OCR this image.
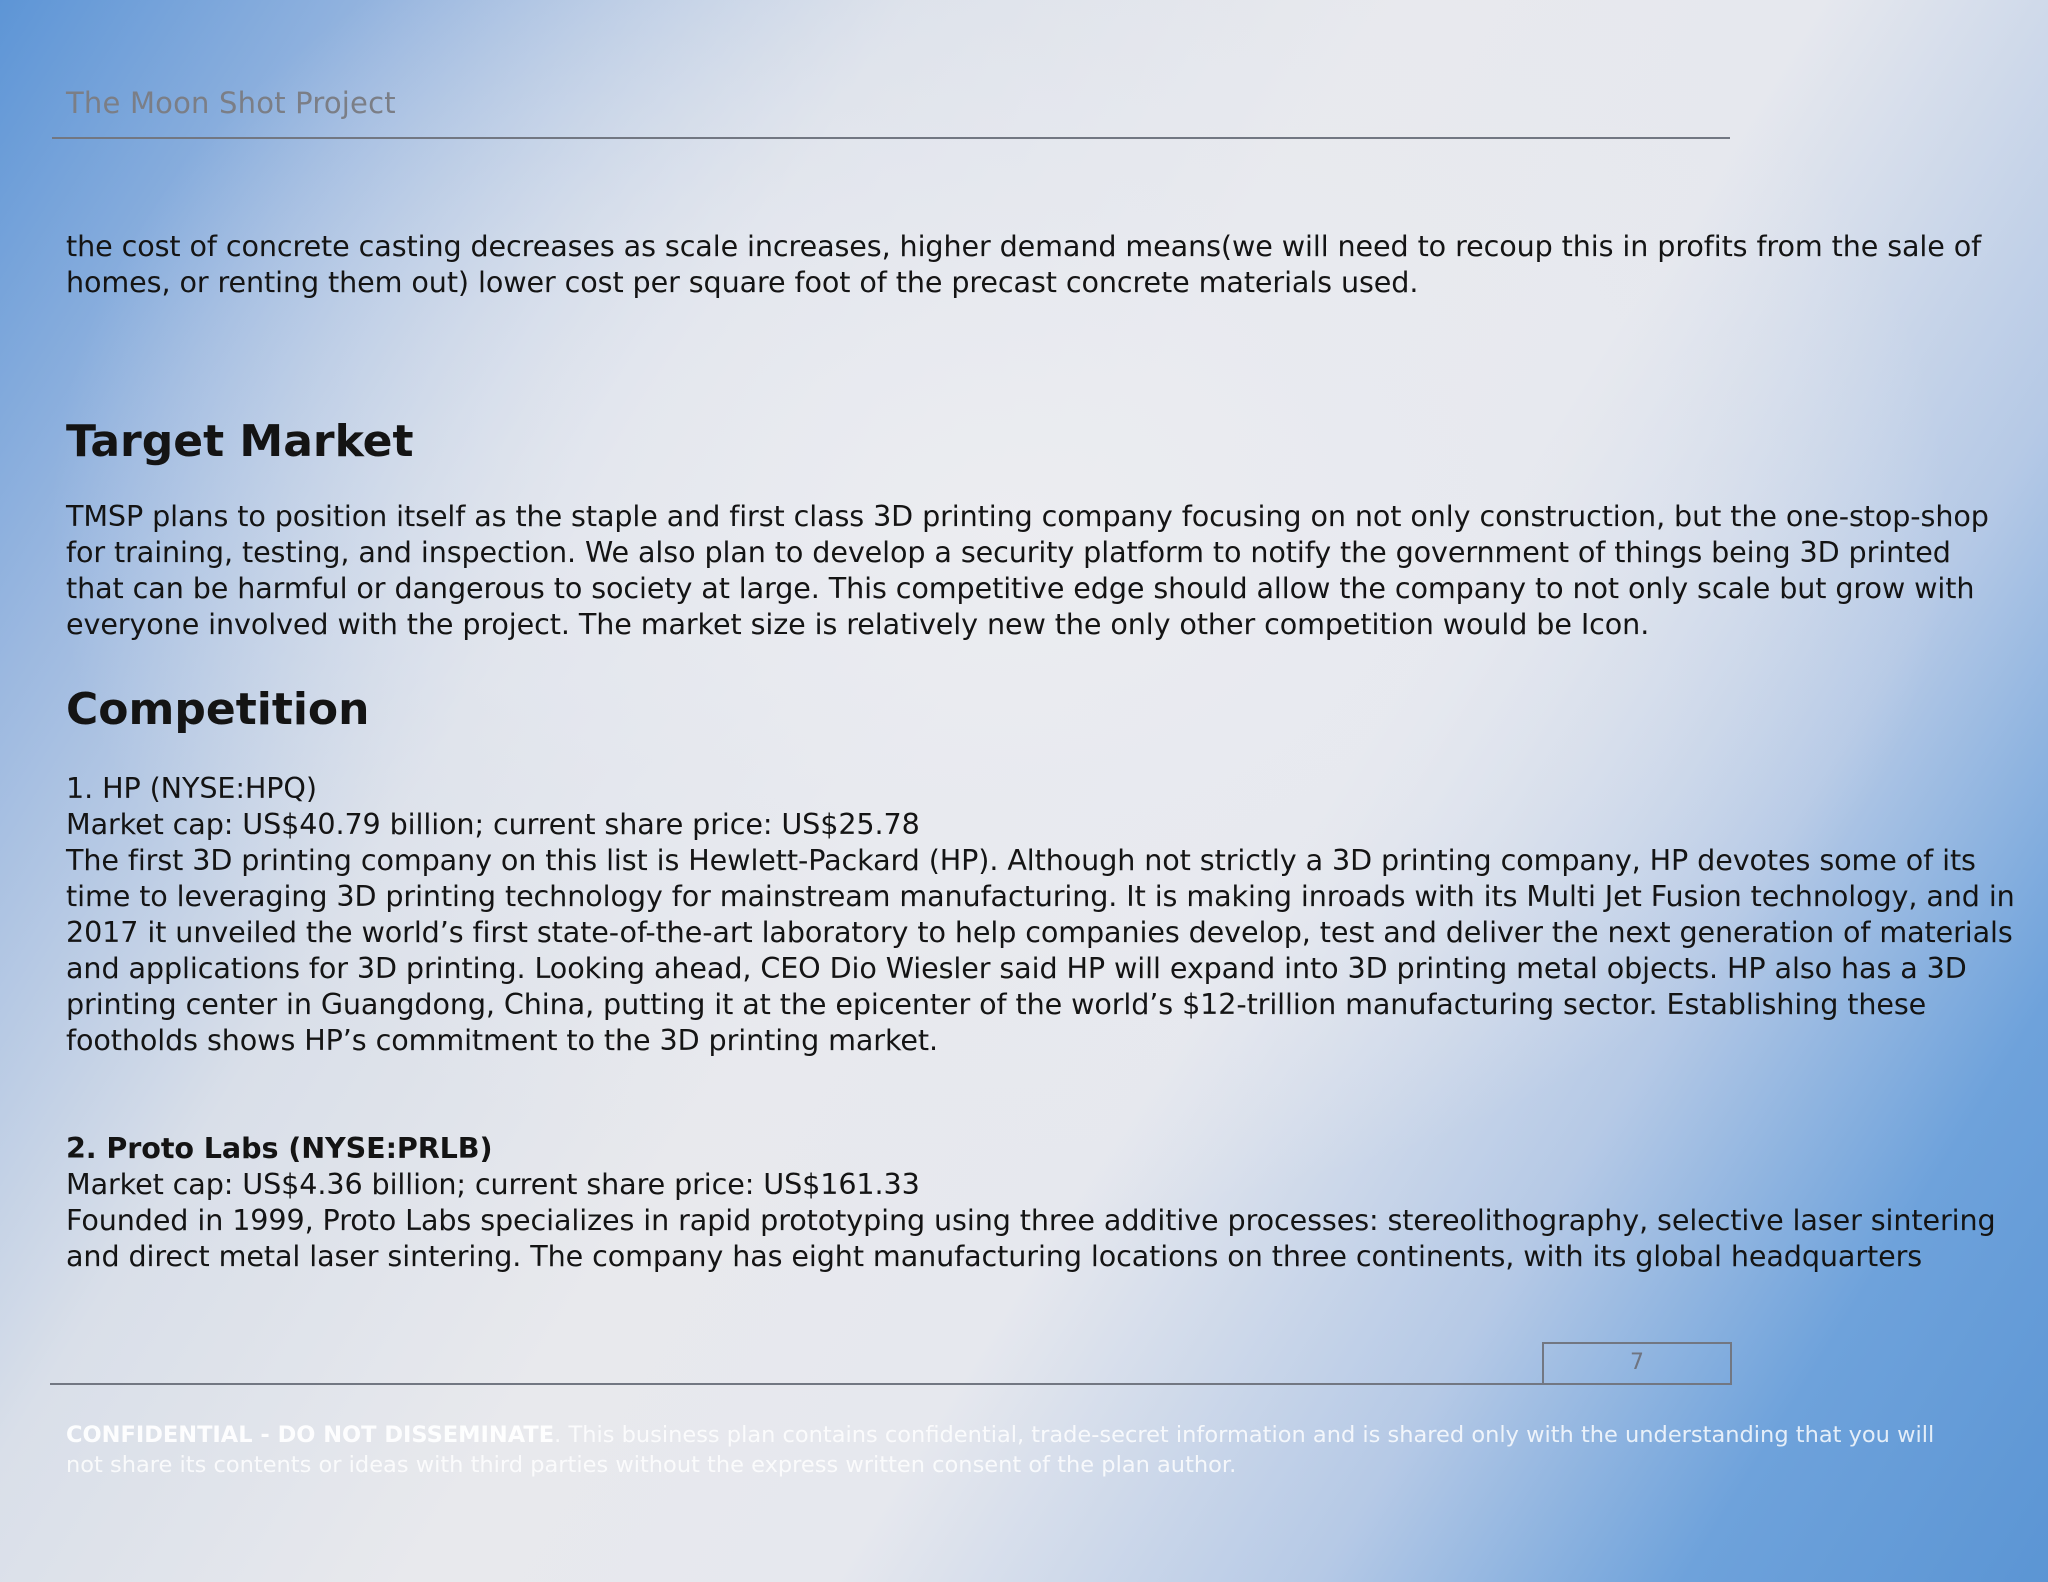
The Moon Shot Project

the cost of concrete casting decreases as scale increases, higher demand means(we will need to recoup this in profits from the sale of homes, or renting them out) lower cost per square foot of the precast concrete materials used.

Target Market

TMSP plans to position itself as the staple and first class 3D printing company focusing on not only construction, but the one-stop-shop for training, testing, and inspection. We also plan to develop a security platform to notify the government of things being 3D printed that can be harmful or dangerous to society at large. This competitive edge should allow the company to not only scale but grow with everyone involved with the project. The market size is relatively new the only other competition would be Icon.

Competition

1. HP (NYSE:HPQ)

Market cap: US$40.79 billion; current share price: US$25.78

The first 3D printing company on this list is Hewlett-Packard (HP). Although not strictly a 3D printing company, HP devotes some of its time to leveraging 3D printing technology for mainstream manufacturing. It is making inroads with its Multi Jet Fusion technology, and in 2017 it unveiled the world’s first state-of-the-art laboratory to help companies develop, test and deliver the next generation of materials and applications for 3D printing. Looking ahead, CEO Dio Wiesler said HP will expand into 3D printing metal objects. HP also has a 3D printing center in Guangdong, China, putting it at the epicenter of the world’s $12-trillion manufacturing sector. Establishing these footholds shows HP’s commitment to the 3D printing market.

2. Proto Labs (NYSE:PRLB)

Market cap: US$4.36 billion; current share price: US$161.33

Founded in 1999, Proto Labs specializes in rapid prototyping using three additive processes: stereolithography, selective laser sintering and direct metal laser sintering. The company has eight manufacturing locations on three continents, with its global headquarters

7
CONFIDENTIAL - DO NOT DISSEMINATE. This business plan contains confidential, trade-secret information and is shared only with the understanding that you will not share its contents or ideas with third parties without the express written consent of the plan author.
